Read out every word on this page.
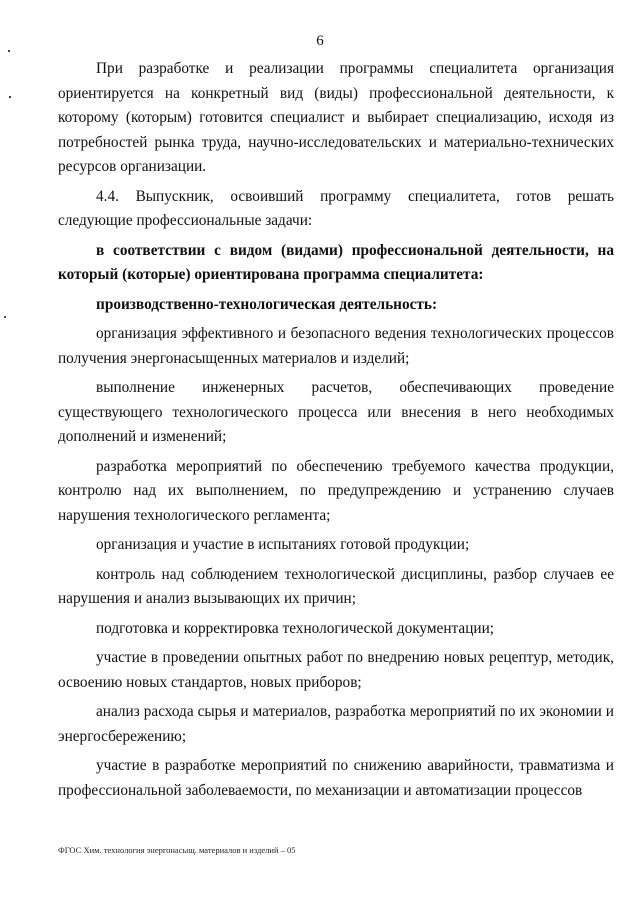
6

При разработке и реализации программы специалитета организация ориентируется на конкретный вид (виды) профессиональной деятельности, к которому (которым) готовится специалист и выбирает специализацию, исходя из потребностей рынка труда, научно-исследовательских и материально-технических ресурсов организации.

4.4. Выпускник, освоивший программу специалитета, готов решать следующие профессиональные задачи:

в соответствии с видом (видами) профессиональной деятельности, на который (которые) ориентирована программа специалитета:

производственно-технологическая деятельность:

организация эффективного и безопасного ведения технологических процессов получения энергонасыщенных материалов и изделий;

выполнение инженерных расчетов, обеспечивающих проведение существующего технологического процесса или внесения в него необходимых дополнений и изменений;

разработка мероприятий по обеспечению требуемого качества продукции, контролю над их выполнением, по предупреждению и устранению случаев нарушения технологического регламента;

организация и участие в испытаниях готовой продукции;

контроль над соблюдением технологической дисциплины, разбор случаев ее нарушения и анализ вызывающих их причин;

подготовка и корректировка технологической документации;

участие в проведении опытных работ по внедрению новых рецептур, методик, освоению новых стандартов, новых приборов;

анализ расхода сырья и материалов, разработка мероприятий по их экономии и энергосбережению;

участие в разработке мероприятий по снижению аварийности, травматизма и профессиональной заболеваемости, по механизации и автоматизации процессов

ФГОС Хим. технология энергонасыщ. материалов и изделий – 05
